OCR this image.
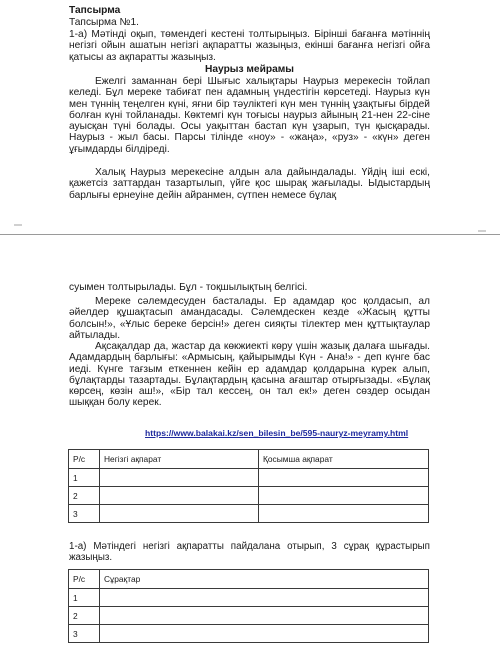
Тапсырма
Тапсырма №1.
1-а) Мәтінді оқып, төмендегі кестені толтырыңыз. Бірінші бағанға мәтіннің негізгі ойын ашатын негізгі ақпаратты жазыңыз, екінші бағанға негізгі ойға қатысы аз ақпаратты жазыңыз.
Наурыз мейрамы
Ежелгі заманнан бері Шығыс халықтары Наурыз мерекесін тойлап келеді. Бұл мереке табиғат пен адамның үндестігін көрсетеді. Наурыз күн мен түннің теңелген күні, яғни бір тәуліктегі күн мен түннің ұзақтығы бірдей болған күні тойланады. Көктемгі күн тоғысы наурыз айының 21-нен 22-сіне ауысқан түні болады. Осы уақыттан бастап күн ұзарып, түн қысқарады. Наурыз - жыл басы. Парсы тілінде «ноу» - «жаңа», «руз» - «күн» деген ұғымдарды білдіреді.
Халық Наурыз мерекесіне алдын ала дайындалады. Үйдің іші ескі, қажетсіз заттардан тазартылып, үйге қос шырақ жағылады. Ыдыстардың барлығы ернеуіне дейін айранмен, сүтпен немесе бұлақ
суымен толтырылады. Бұл - тоқшылықтың белгісі.
Мереке сәлемдесуден басталады. Ер адамдар қос қолдасып, ал әйелдер құшақтасып амандасады. Сәлемдескен кезде «Жасың құтты болсын!», «Ұлыс береке берсін!» деген сияқты тілектер мен құттықтаулар айтылады.
Ақсақалдар да, жастар да көкжиекті көру үшін жазық далаға шығады. Адамдардың барлығы: «Армысың, қайырымды Күн - Ана!» - деп күнге бас иеді. Күнге тағзым еткеннен кейін ер адамдар қолдарына күрек алып, бұлақтарды тазартады. Бұлақтардың қасына ағаштар отырғызады. «Бұлақ көрсең, көзін аш!», «Бір тал кессең, он тал ек!» деген сөздер осыдан шыққан болу керек.
https://www.balakai.kz/sen_bilesin_be/595-nauryz-meyramy.html
Р/с	Негізгі ақпарат	Қосымша ақпарат
1		
2		
3		
1-а) Мәтіндегі негізгі ақпаратты пайдалана отырып, 3 сұрақ құрастырып жазыңыз.
Р/с	Сұрақтар
1	
2	
3	
